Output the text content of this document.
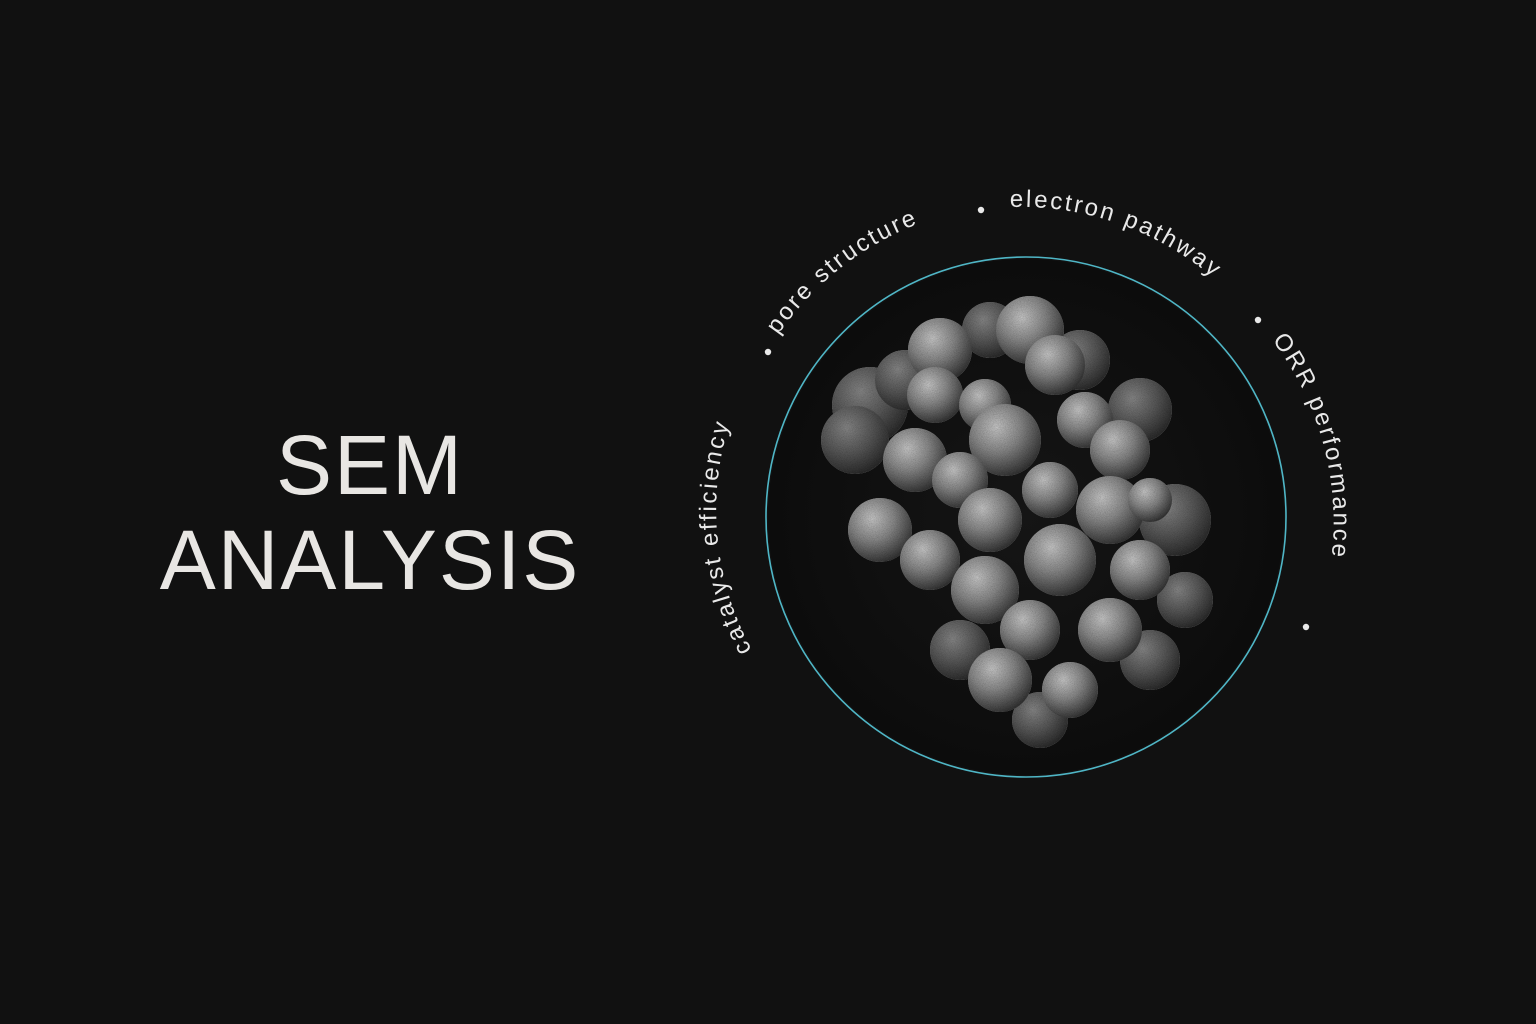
SEM
ANALYSIS
catalyst efficiency
pore structure
electron pathway
ORR performance
